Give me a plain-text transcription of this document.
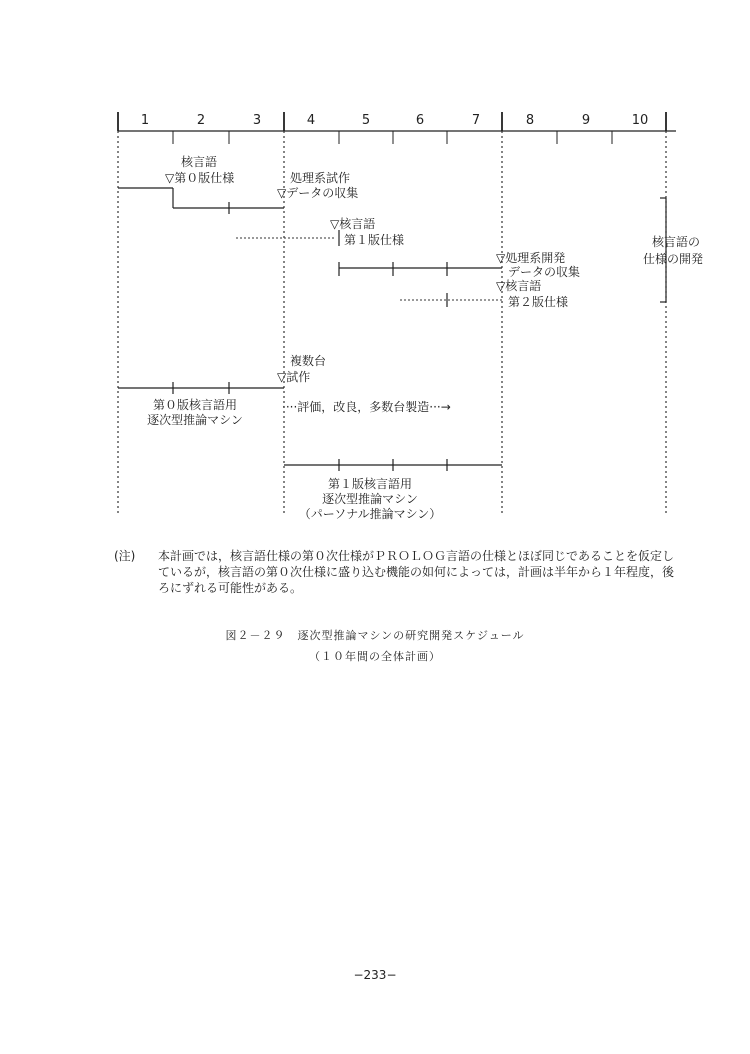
1	2	3	4	5	6	7	8	9	10
核言語
▽第０版仕様	処理系試作
▽データの収集
▽核言語
第１版仕様
▽処理系開発
データの収集
▽核言語
第２版仕様
核言語の
仕様の開発
複数台
▽試作
第０版核言語用
逐次型推論マシン
····評価，改良，多数台製造···→
第１版核言語用
逐次型推論マシン
（パーソナル推論マシン）
(注) 本計画では，核言語仕様の第０次仕様がＰＲＯＬＯＧ言語の仕様とほぼ同じであることを仮定しているが，核言語の第０次仕様に盛り込む機能の如何によっては，計画は半年から１年程度，後ろにずれる可能性がある。
図２－２９　逐次型推論マシンの研究開発スケジュール
（１０年間の全体計画）
−233−
